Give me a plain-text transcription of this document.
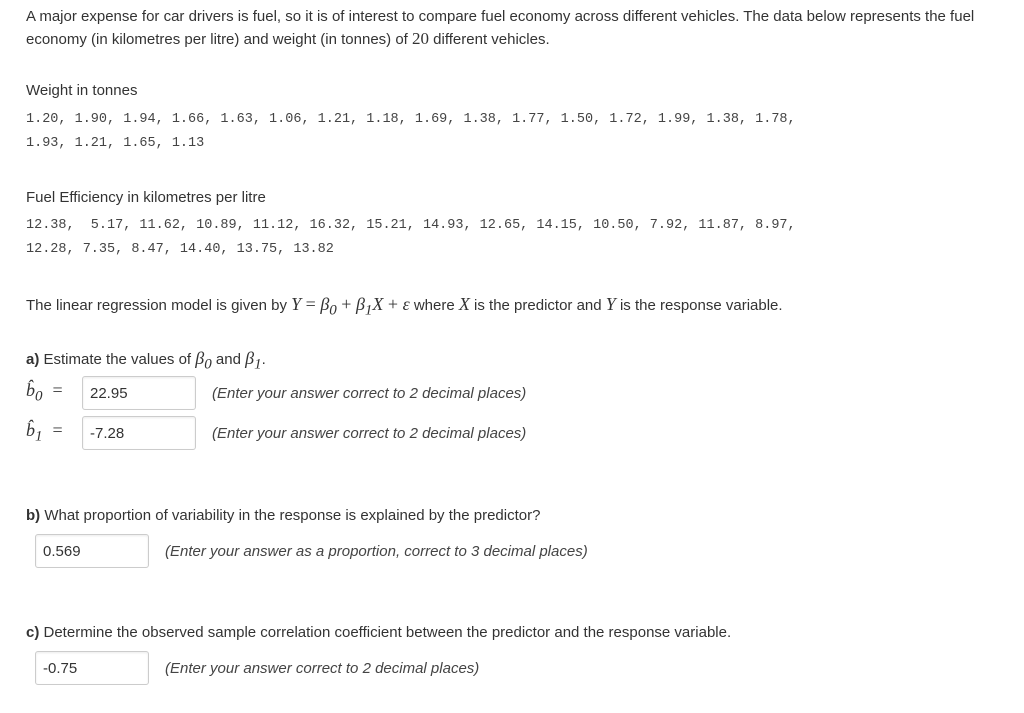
A major expense for car drivers is fuel, so it is of interest to compare fuel economy across different vehicles. The data below represents the fuel economy (in kilometres per litre) and weight (in tonnes) of 20 different vehicles.
Weight in tonnes
1.20, 1.90, 1.94, 1.66, 1.63, 1.06, 1.21, 1.18, 1.69, 1.38, 1.77, 1.50, 1.72, 1.99, 1.38, 1.78,
1.93, 1.21, 1.65, 1.13
Fuel Efficiency in kilometres per litre
12.38,  5.17, 11.62, 10.89, 11.12, 16.32, 15.21, 14.93, 12.65, 14.15, 10.50, 7.92, 11.87, 8.97,
12.28, 7.35, 8.47, 14.40, 13.75, 13.82
The linear regression model is given by $Y = \beta_0 + \beta_1X + \varepsilon$ where X is the predictor and Y is the response variable.
a) Estimate the values of $\beta_0$ and $\beta_1$.
$b̂_0$ =
22.95	(Enter your answer correct to 2 decimal places)
$b̂_1$ =
-7.28	(Enter your answer correct to 2 decimal places)
b) What proportion of variability in the response is explained by the predictor?
0.569
(Enter your answer as a proportion, correct to 3 decimal places)
c) Determine the observed sample correlation coefficient between the predictor and the response variable.
-0.75
(Enter your answer correct to 2 decimal places)
